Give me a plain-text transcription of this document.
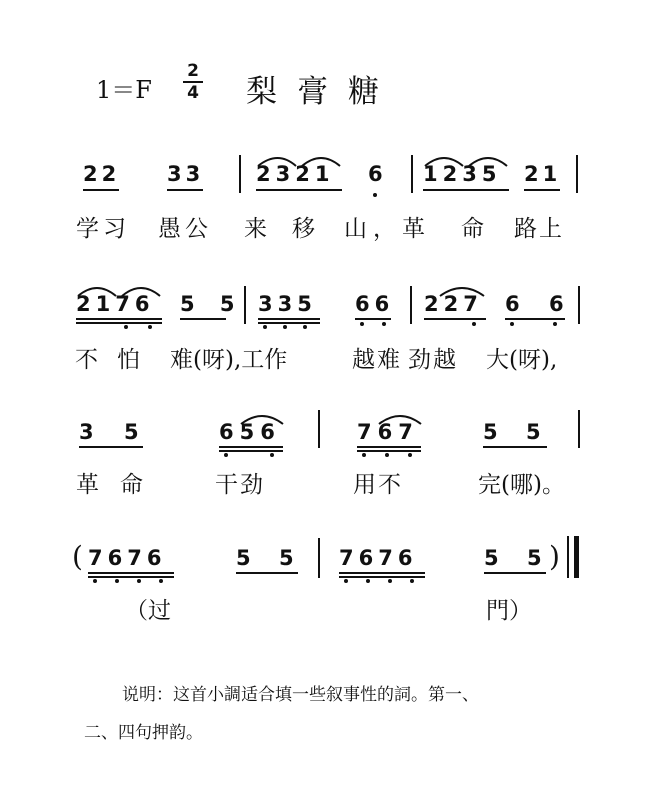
1＝F
2
4 梨膏糖
22 33 2321 6 1235 21
学习 愚公 来 移 山，革 命 路上
2176 5 5 335 66 227 6 6
不 怕 难(呀),工作	越难 劲越 大(呀),
3 5	656	767	5 5
革 命	干劲	用不	完(哪)。
( 7676	5 5 7676	5 5 )
（过	門）
说明：这首小調适合填一些叙事性的詞。第一、
二、四句押韵。
